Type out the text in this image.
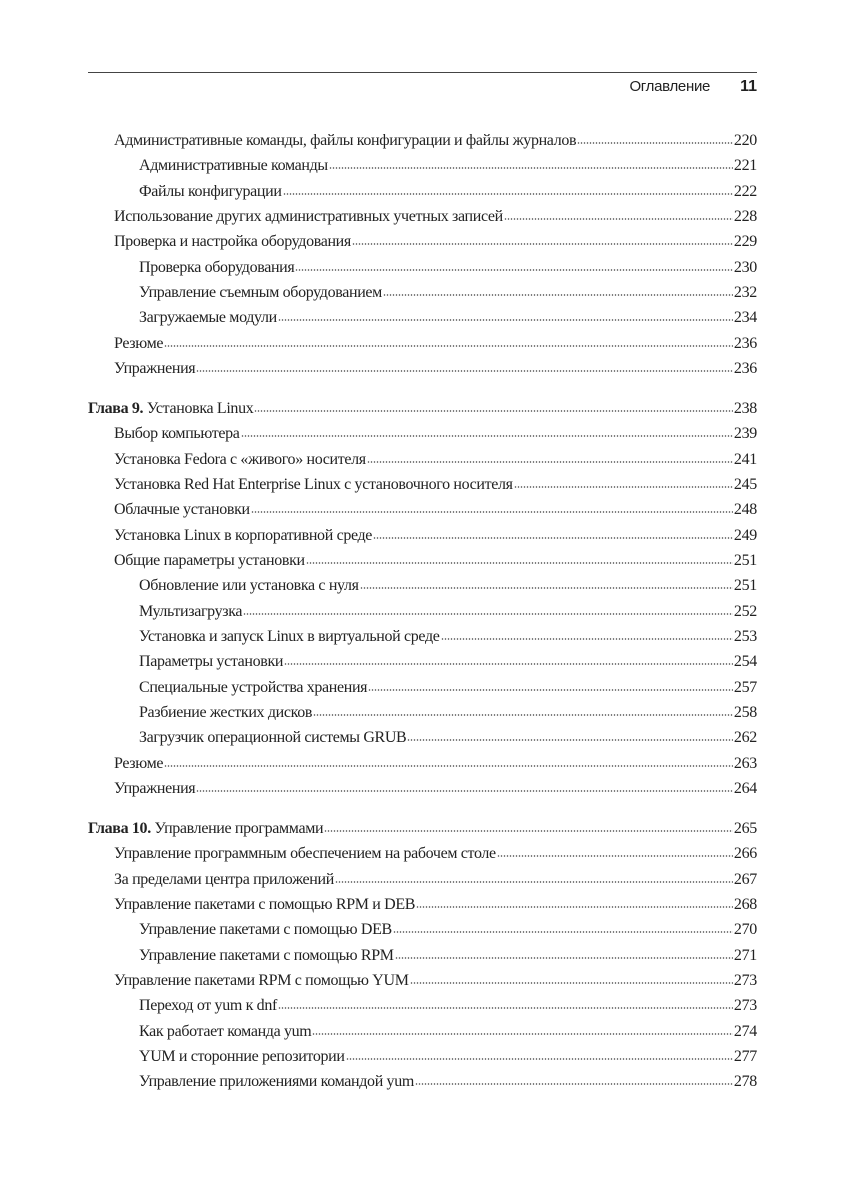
Оглавление 11
Административные команды, файлы конфигурации и файлы журналов	220
Административные команды	221
Файлы конфигурации	222
Использование других административных учетных записей	228
Проверка и настройка оборудования	229
Проверка оборудования	230
Управление съемным оборудованием	232
Загружаемые модули	234
Резюме	236
Упражнения	236
Глава 9. Установка Linux	238
Выбор компьютера	239
Установка Fedora с «живого» носителя	241
Установка Red Hat Enterprise Linux с установочного носителя	245
Облачные установки	248
Установка Linux в корпоративной среде	249
Общие параметры установки	251
Обновление или установка с нуля	251
Мультизагрузка	252
Установка и запуск Linux в виртуальной среде	253
Параметры установки	254
Специальные устройства хранения	257
Разбиение жестких дисков	258
Загрузчик операционной системы GRUB	262
Резюме	263
Упражнения	264
Глава 10. Управление программами	265
Управление программным обеспечением на рабочем столе	266
За пределами центра приложений	267
Управление пакетами с помощью RPM и DEB	268
Управление пакетами с помощью DEB	270
Управление пакетами с помощью RPM	271
Управление пакетами RPM с помощью YUM	273
Переход от yum к dnf	273
Как работает команда yum	274
YUM и сторонние репозитории	277
Управление приложениями командой yum	278
